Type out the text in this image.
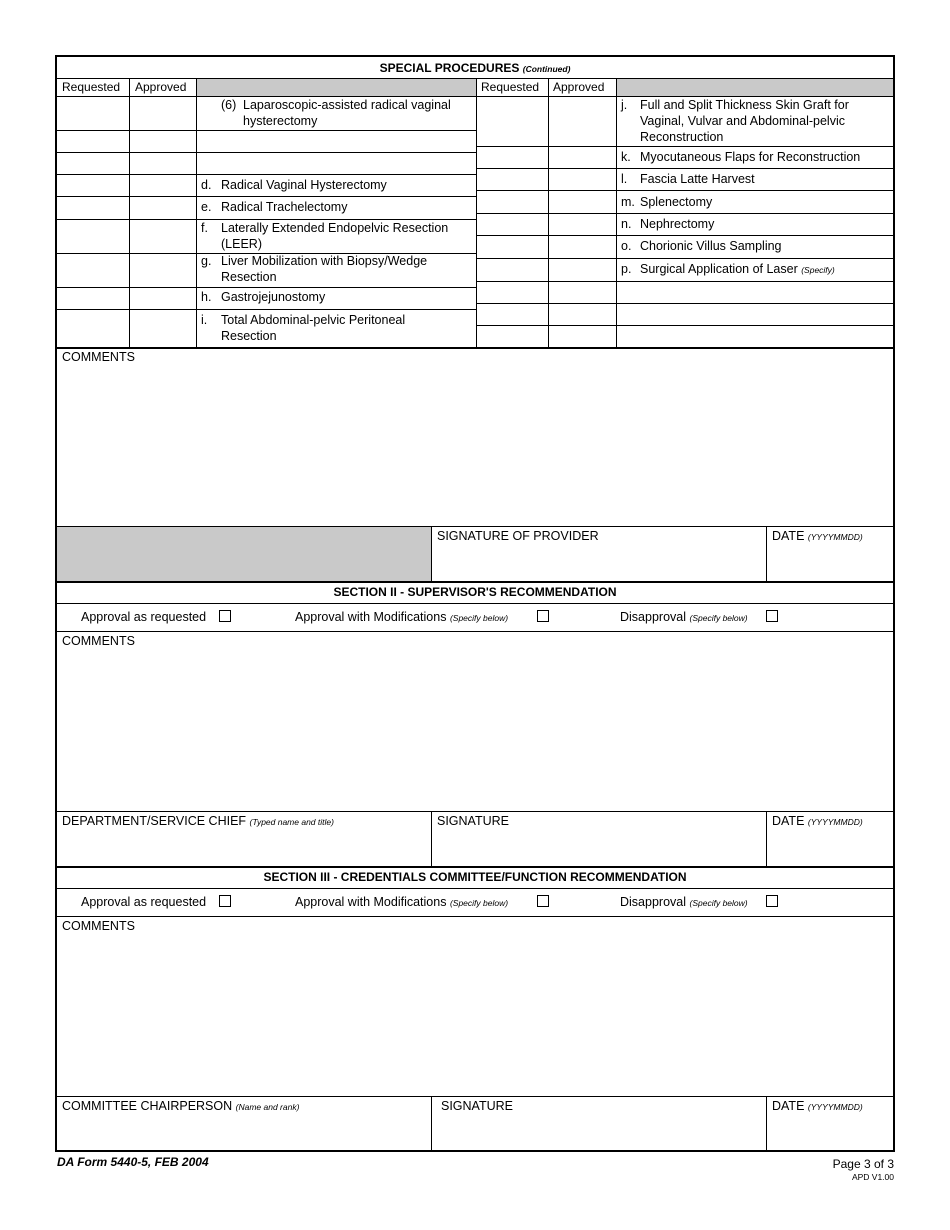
SPECIAL PROCEDURES (Continued)
Requested Approved	Requested Approved
(6) Laparoscopic-assisted radical vaginal hysterectomy
d. Radical Vaginal Hysterectomy
e. Radical Trachelectomy
f. Laterally Extended Endopelvic Resection (LEER)
g. Liver Mobilization with Biopsy/Wedge Resection
h. Gastrojejunostomy
i. Total Abdominal-pelvic Peritoneal Resection
j. Full and Split Thickness Skin Graft for Vaginal, Vulvar and Abdominal-pelvic Reconstruction
k. Myocutaneous Flaps for Reconstruction
l. Fascia Latte Harvest
m. Splenectomy
n. Nephrectomy
o. Chorionic Villus Sampling
p. Surgical Application of Laser (Specify)
COMMENTS
SIGNATURE OF PROVIDER	DATE (YYYYMMDD)
SECTION II - SUPERVISOR'S RECOMMENDATION
Approval as requested	Approval with Modifications (Specify below)	Disapproval (Specify below)
COMMENTS
DEPARTMENT/SERVICE CHIEF (Typed name and title)	SIGNATURE	DATE (YYYYMMDD)
SECTION III - CREDENTIALS COMMITTEE/FUNCTION RECOMMENDATION
Approval as requested	Approval with Modifications (Specify below)	Disapproval (Specify below)
COMMENTS
COMMITTEE CHAIRPERSON (Name and rank)	SIGNATURE	DATE (YYYYMMDD)
DA Form 5440-5, FEB 2004	Page 3 of 3
APD V1.00
